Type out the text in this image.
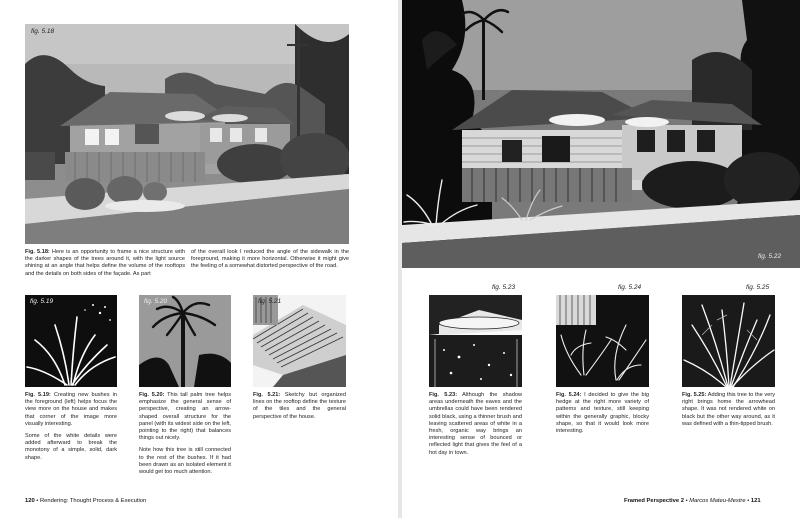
fig. 5.18
Fig. 5.18: Here is an opportunity to frame a nice structure with the darker shapes of the trees around it, with the light source shining at an angle that helps define the volume of the rooftops and the details on both sides of the façade. As part
of the overall look I reduced the angle of the sidewalk in the foreground, making it more horizontal. Otherwise it might give the feeling of a somewhat distorted perspective of the road.
fig. 5.19	fig. 5.20	fig. 5.21

Fig. 5.19: Creating new bushes in the foreground (left) helps focus the view more on the house and makes that corner of the image more visually interesting.

Some of the white details were added afterward to break the monotony of a simple, solid, dark shape.

Fig. 5.20: This tall palm tree helps emphasize the general sense of perspective, creating an arrow-shaped overall structure for the panel (with its widest side on the left, pointing to the right) that balances things out nicely.

Note how this tree is still connected to the rest of the bushes. If it had been drawn as an isolated element it would get too much attention.

Fig. 5.21: Sketchy but organized lines on the rooftop define the texture of the tiles and the general perspective of the house.

120 • Rendering: Thought Process & Execution
fig. 5.22
fig. 5.23	fig. 5.24	fig. 5.25

Fig. 5.23: Although the shadow areas underneath the eaves and the umbrellas could have been rendered solid black, using a thinner brush and leaving scattered areas of white in a fresh, organic way brings an interesting sense of bounced or reflected light that gives the feel of a hot day in town.

Fig. 5.24: I decided to give the big hedge at the right more variety of patterns and texture, still keeping within the generally graphic, blocky shape, so that it would look more interesting.

Fig. 5.25: Adding this tree to the very right brings home the arrowhead shape. It was not rendered white on black but the other way around, as it was defined with a thin-tipped brush.

Framed Perspective 2 • Marcos Mateu-Mestre • 121
